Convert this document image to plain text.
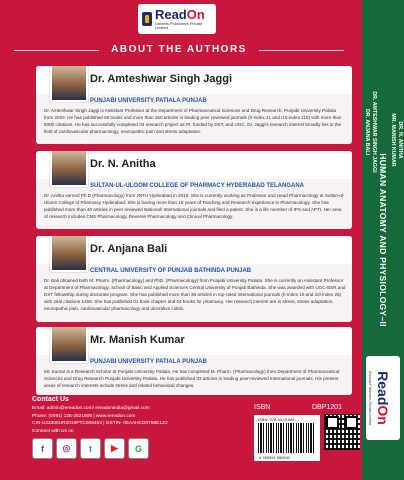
ReadOn
Dreams Publishers Private Limited
ABOUT THE AUTHORS
Dr. Amteshwar Singh Jaggi
PUNJABI UNIVERSITY PATIALA PUNJAB
Dr. Amteshwar Singh Jaggi is Assistant Professor at the Department of Pharmaceutical Sciences and Drug Research, Punjabi University Patiala from 2003. He has published 06 books and more than 160 articles in leading peer reviewed journals (h-index 41 and i10-index 118) with more than 5000 citations. He has successfully completed 03 research project as PI, funded by DST, and UGC. Dr. Jaggi's research interest broadly lies in the field of cardiovascular pharmacology, neuropathic pain and stress adaptation.
Dr. N. Anitha
SULTAN-UL-ULOOM COLLEGE OF PHARMACY HYDERABAD TELANGANA
Dr. Anitha earned Ph.D (Pharmacology) from JNTU Hyderabad in 2010. She is currently working as Professor and Head Pharmacology at Sultan-ul-Uloom College of Pharmacy Hyderabad. She is having more than 18 years of Teaching and Research experience in Pharmacology. She has published more than 40 articles in peer reviewed National/ International journals and filed a patent. She is a life member of IPS and APTI. Her area of research includes CNS Pharmacology, Reverse Pharmacology and Clinical Pharmacology.
Dr. Anjana Bali
CENTRAL UNIVERSITY OF PUNJAB BATHINDA PUNJAB
Dr. Bali obtained both M. Pharm. (Pharmacology) and PhD. (Pharmacology) from Punjabi University Patiala. She is currently an Assistant Professor at Department of Pharmacology, School of Basic and Applied Sciences Central University of Punjab Bathinda. She was awarded with UGC-BSR and DST fellowship during doctorate program. She has published more than 38 articles in top-rated international journals (h-index 15 and i10-index 25) with total citations 1468. She has published 01 book chapter and 04 books for pharmacy. Her research interest are in stress, stress adaptation, neuropathic pain, cardiovascular pharmacology and ulcerative colitis.
Mr. Manish Kumar
PUNJABI UNIVERSITY PATIALA PUNJAB
Mr. Kumar is a Research Scholar at Punjabi University Patiala. He has completed M. Pharm. (Pharmacology) from Department of Pharmaceutical Sciences and Drug Research Punjabi University Patiala. He has published 03 articles in leading peer-reviewed International journals. His present areas of research interests include stress and related behavioral changes.
Contact Us
Email: admin@ereadon.com/ ereadonindia@gmail.com
Phone: (0091) 135-2521805 | www.ereadon.com
CIN-U22300UR2019PTC009463 | GSTIN- 05AAHCD0756E1Z2
Connect with Us on
f	◎	t	▶	G
ISBN	DBP1201
ISBN: 978-93-91956-...
9 789391 956542
HUMAN ANATOMY AND PHYSIOLOGY–II
DR. AMTESHWAR SINGH JAGGI
DR. ANJANA BALI	DR. N. ANITHA
MR. MANISH KUMAR
ReadOn
Dreams Publishers Private Limited
